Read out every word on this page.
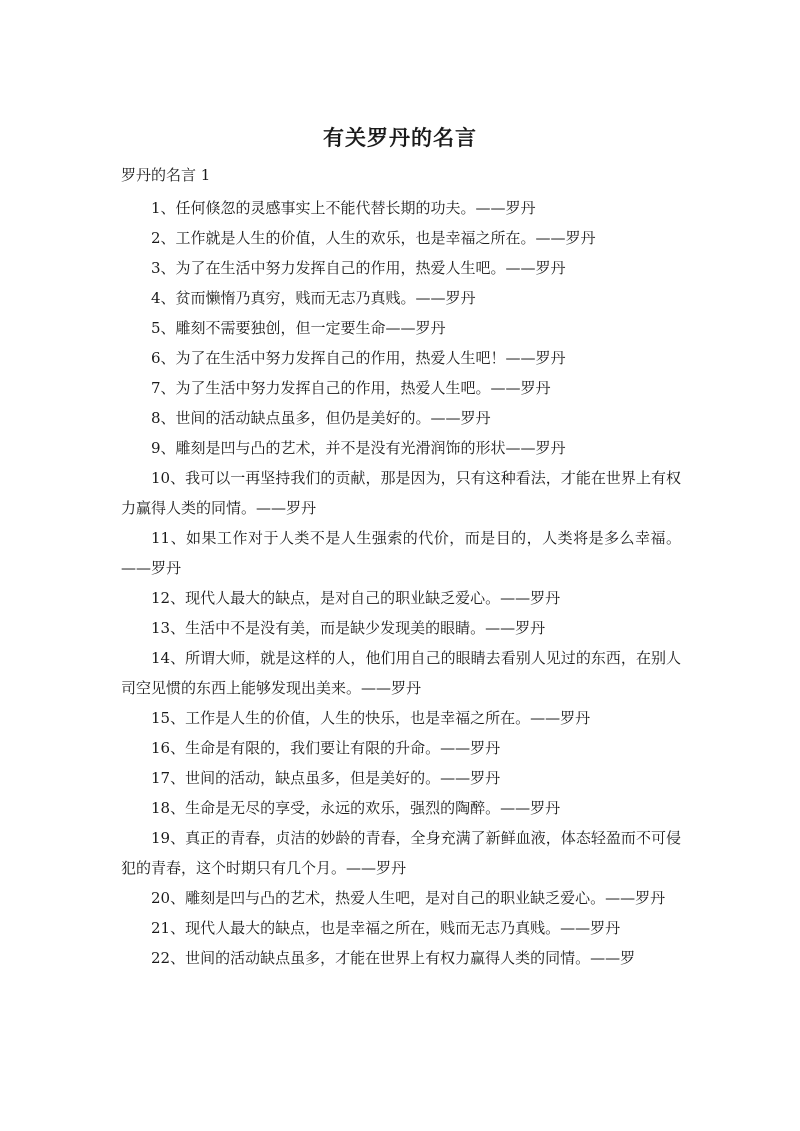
有关罗丹的名言
罗丹的名言 1

1、任何倏忽的灵感事实上不能代替长期的功夫。——罗丹

2、工作就是人生的价值，人生的欢乐，也是幸福之所在。——罗丹

3、为了在生活中努力发挥自己的作用，热爱人生吧。——罗丹

4、贫而懒惰乃真穷，贱而无志乃真贱。——罗丹

5、雕刻不需要独创，但一定要生命——罗丹

6、为了在生活中努力发挥自己的作用，热爱人生吧！——罗丹

7、为了生活中努力发挥自己的作用，热爱人生吧。——罗丹

8、世间的活动缺点虽多，但仍是美好的。——罗丹

9、雕刻是凹与凸的艺术，并不是没有光滑润饰的形状——罗丹

10、我可以一再坚持我们的贡献，那是因为，只有这种看法，才能在世界上有权力赢得人类的同情。——罗丹

11、如果工作对于人类不是人生强索的代价，而是目的，人类将是多么幸福。——罗丹

12、现代人最大的缺点，是对自己的职业缺乏爱心。——罗丹

13、生活中不是没有美，而是缺少发现美的眼睛。——罗丹

14、所谓大师，就是这样的人，他们用自己的眼睛去看别人见过的东西，在别人司空见惯的东西上能够发现出美来。——罗丹

15、工作是人生的价值，人生的快乐，也是幸福之所在。——罗丹

16、生命是有限的，我们要让有限的升命。——罗丹

17、世间的活动，缺点虽多，但是美好的。——罗丹

18、生命是无尽的享受，永远的欢乐，强烈的陶醉。——罗丹

19、真正的青春，贞洁的妙龄的青春，全身充满了新鲜血液，体态轻盈而不可侵犯的青春，这个时期只有几个月。——罗丹

20、雕刻是凹与凸的艺术，热爱人生吧，是对自己的职业缺乏爱心。——罗丹

21、现代人最大的缺点，也是幸福之所在，贱而无志乃真贱。——罗丹

22、世间的活动缺点虽多，才能在世界上有权力赢得人类的同情。——罗
